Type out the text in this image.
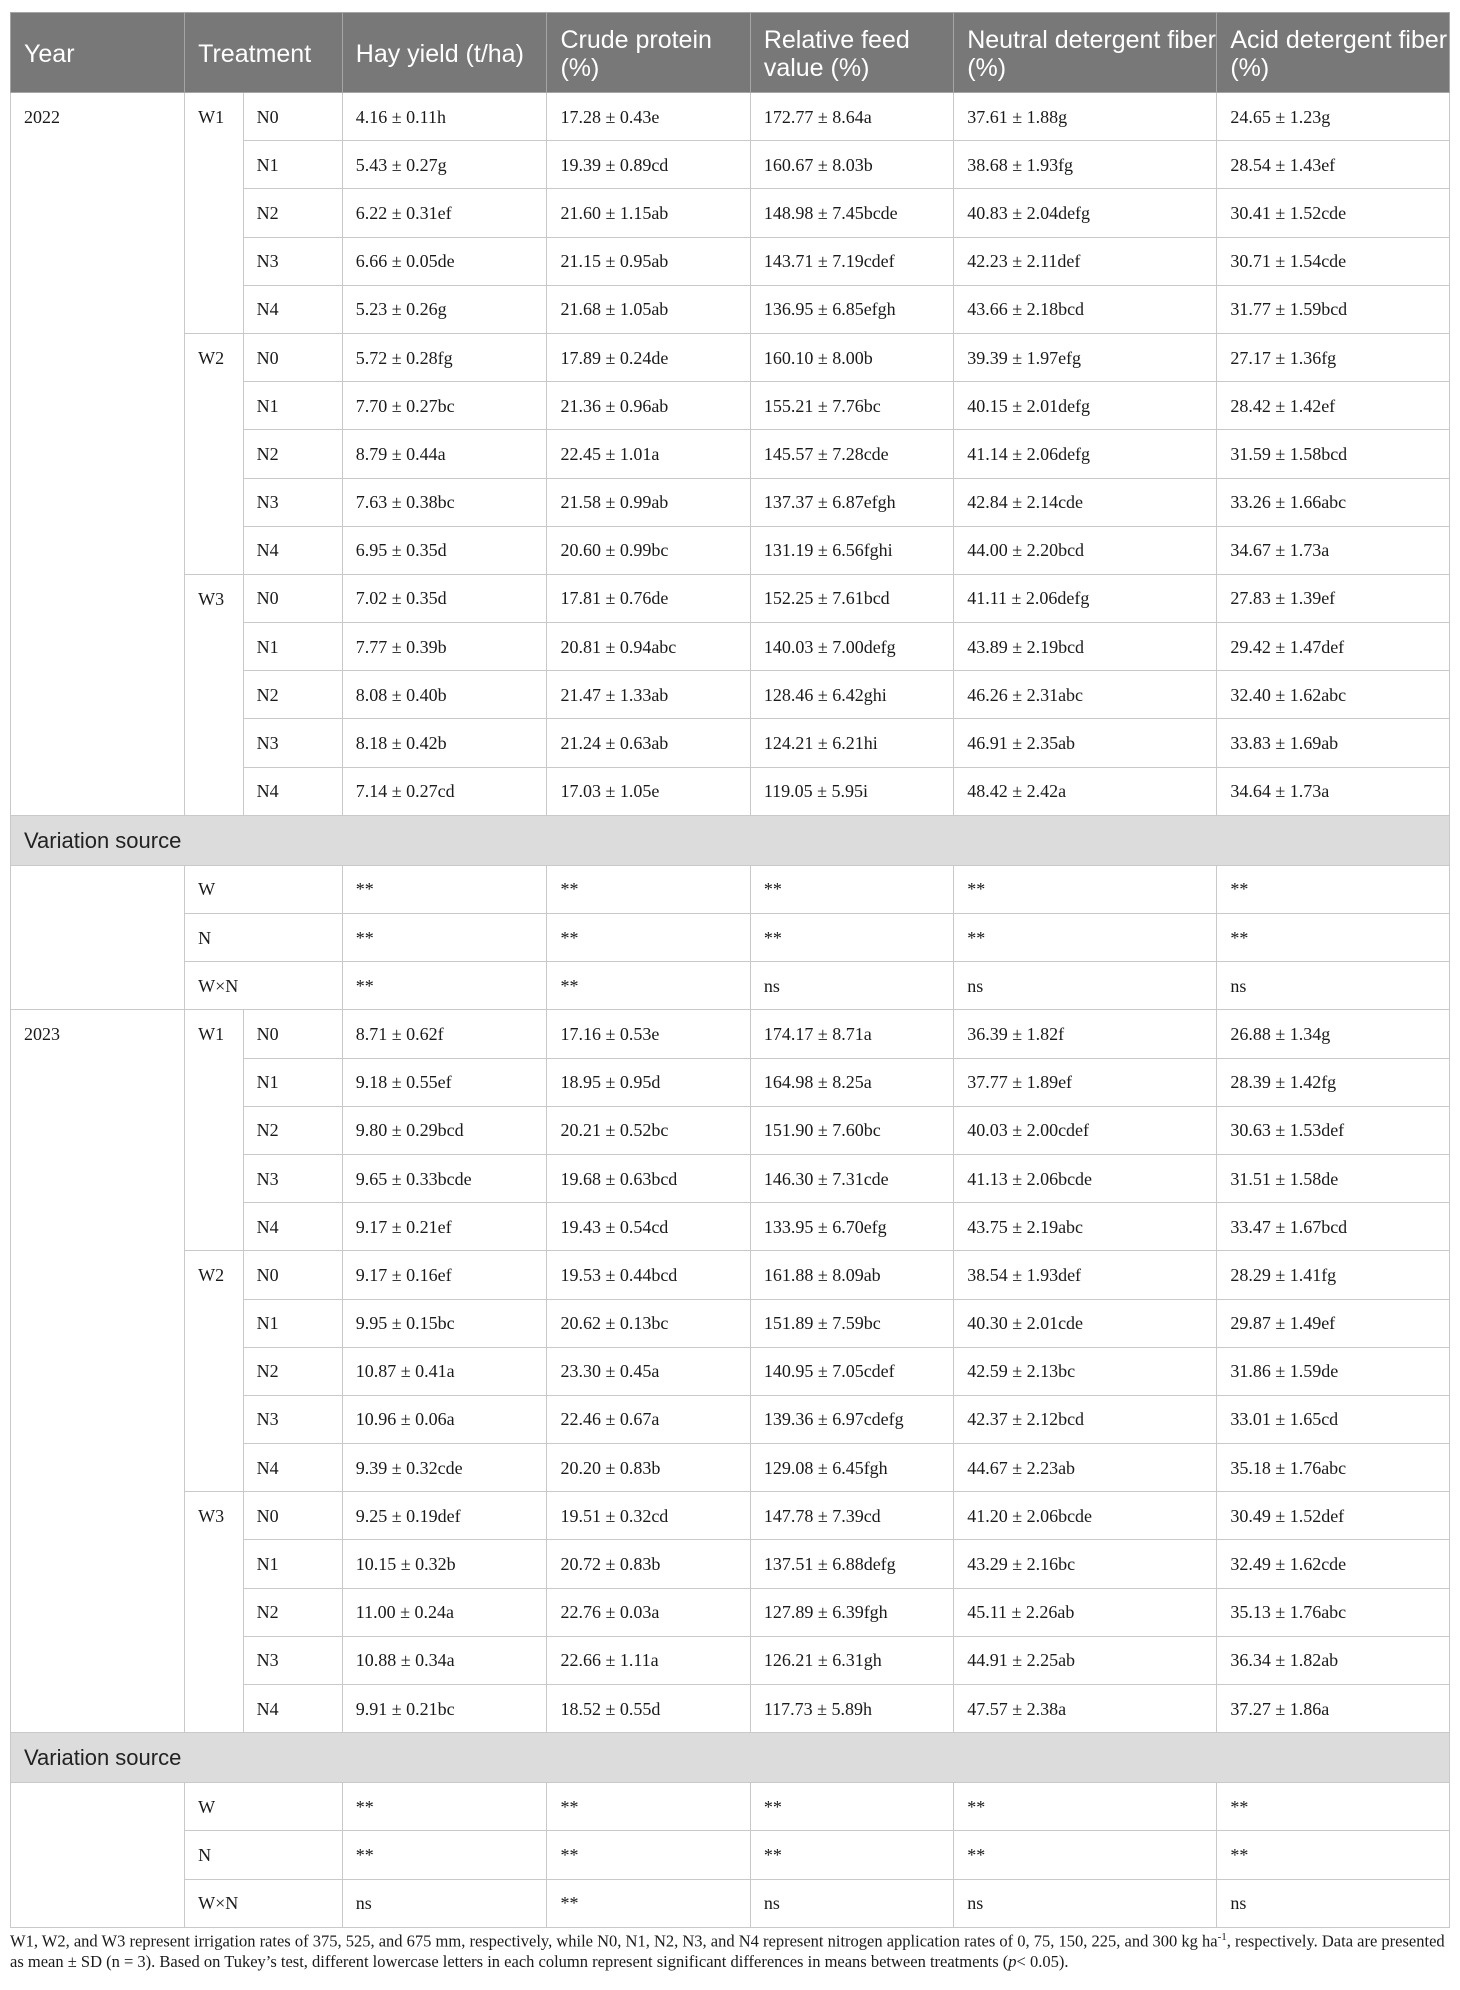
Year	Treatment		Hay yield (t/ha)	Crude protein (%)	Relative feed value (%)	Neutral detergent fiber (%)	Acid detergent fiber (%)
2022	W1	N0	4.16 ± 0.11h	17.28 ± 0.43e	172.77 ± 8.64a	37.61 ± 1.88g	24.65 ± 1.23g
		N1	5.43 ± 0.27g	19.39 ± 0.89cd	160.67 ± 8.03b	38.68 ± 1.93fg	28.54 ± 1.43ef
		N2	6.22 ± 0.31ef	21.60 ± 1.15ab	148.98 ± 7.45bcde	40.83 ± 2.04defg	30.41 ± 1.52cde
		N3	6.66 ± 0.05de	21.15 ± 0.95ab	143.71 ± 7.19cdef	42.23 ± 2.11def	30.71 ± 1.54cde
		N4	5.23 ± 0.26g	21.68 ± 1.05ab	136.95 ± 6.85efgh	43.66 ± 2.18bcd	31.77 ± 1.59bcd
	W2	N0	5.72 ± 0.28fg	17.89 ± 0.24de	160.10 ± 8.00b	39.39 ± 1.97efg	27.17 ± 1.36fg
		N1	7.70 ± 0.27bc	21.36 ± 0.96ab	155.21 ± 7.76bc	40.15 ± 2.01defg	28.42 ± 1.42ef
		N2	8.79 ± 0.44a	22.45 ± 1.01a	145.57 ± 7.28cde	41.14 ± 2.06defg	31.59 ± 1.58bcd
		N3	7.63 ± 0.38bc	21.58 ± 0.99ab	137.37 ± 6.87efgh	42.84 ± 2.14cde	33.26 ± 1.66abc
		N4	6.95 ± 0.35d	20.60 ± 0.99bc	131.19 ± 6.56fghi	44.00 ± 2.20bcd	34.67 ± 1.73a
	W3	N0	7.02 ± 0.35d	17.81 ± 0.76de	152.25 ± 7.61bcd	41.11 ± 2.06defg	27.83 ± 1.39ef
		N1	7.77 ± 0.39b	20.81 ± 0.94abc	140.03 ± 7.00defg	43.89 ± 2.19bcd	29.42 ± 1.47def
		N2	8.08 ± 0.40b	21.47 ± 1.33ab	128.46 ± 6.42ghi	46.26 ± 2.31abc	32.40 ± 1.62abc
		N3	8.18 ± 0.42b	21.24 ± 0.63ab	124.21 ± 6.21hi	46.91 ± 2.35ab	33.83 ± 1.69ab
		N4	7.14 ± 0.27cd	17.03 ± 1.05e	119.05 ± 5.95i	48.42 ± 2.42a	34.64 ± 1.73a
Variation source							
	W		**	**	**	**	**
	N		**	**	**	**	**
	W×N		**	**	ns	ns	ns
2023	W1	N0	8.71 ± 0.62f	17.16 ± 0.53e	174.17 ± 8.71a	36.39 ± 1.82f	26.88 ± 1.34g
		N1	9.18 ± 0.55ef	18.95 ± 0.95d	164.98 ± 8.25a	37.77 ± 1.89ef	28.39 ± 1.42fg
		N2	9.80 ± 0.29bcd	20.21 ± 0.52bc	151.90 ± 7.60bc	40.03 ± 2.00cdef	30.63 ± 1.53def
		N3	9.65 ± 0.33bcde	19.68 ± 0.63bcd	146.30 ± 7.31cde	41.13 ± 2.06bcde	31.51 ± 1.58de
		N4	9.17 ± 0.21ef	19.43 ± 0.54cd	133.95 ± 6.70efg	43.75 ± 2.19abc	33.47 ± 1.67bcd
	W2	N0	9.17 ± 0.16ef	19.53 ± 0.44bcd	161.88 ± 8.09ab	38.54 ± 1.93def	28.29 ± 1.41fg
		N1	9.95 ± 0.15bc	20.62 ± 0.13bc	151.89 ± 7.59bc	40.30 ± 2.01cde	29.87 ± 1.49ef
		N2	10.87 ± 0.41a	23.30 ± 0.45a	140.95 ± 7.05cdef	42.59 ± 2.13bc	31.86 ± 1.59de
		N3	10.96 ± 0.06a	22.46 ± 0.67a	139.36 ± 6.97cdefg	42.37 ± 2.12bcd	33.01 ± 1.65cd
		N4	9.39 ± 0.32cde	20.20 ± 0.83b	129.08 ± 6.45fgh	44.67 ± 2.23ab	35.18 ± 1.76abc
	W3	N0	9.25 ± 0.19def	19.51 ± 0.32cd	147.78 ± 7.39cd	41.20 ± 2.06bcde	30.49 ± 1.52def
		N1	10.15 ± 0.32b	20.72 ± 0.83b	137.51 ± 6.88defg	43.29 ± 2.16bc	32.49 ± 1.62cde
		N2	11.00 ± 0.24a	22.76 ± 0.03a	127.89 ± 6.39fgh	45.11 ± 2.26ab	35.13 ± 1.76abc
		N3	10.88 ± 0.34a	22.66 ± 1.11a	126.21 ± 6.31gh	44.91 ± 2.25ab	36.34 ± 1.82ab
		N4	9.91 ± 0.21bc	18.52 ± 0.55d	117.73 ± 5.89h	47.57 ± 2.38a	37.27 ± 1.86a
Variation source							
	W		**	**	**	**	**
	N		**	**	**	**	**
	W×N		ns	**	ns	ns	ns

W1, W2, and W3 represent irrigation rates of 375, 525, and 675 mm, respectively, while N0, N1, N2, N3, and N4 represent nitrogen application rates of 0, 75, 150, 225, and 300 kg $ha^{-1}$, respectively. Data are presented as mean ± SD (n = 3). Based on Tukey’s test, different lowercase letters in each column represent significant differences in means between treatments (p< 0.05).
